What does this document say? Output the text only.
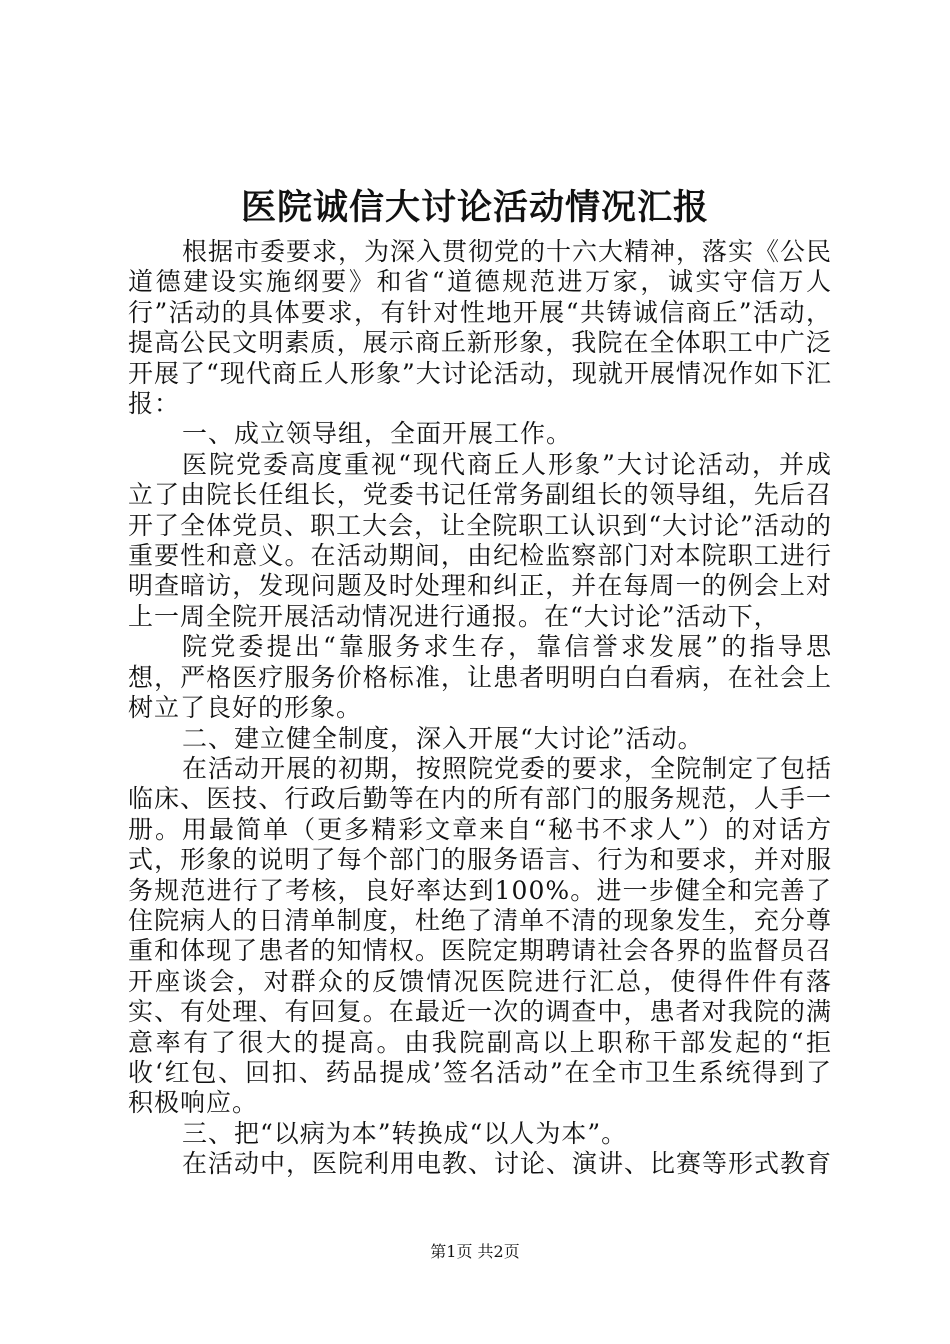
医院诚信大讨论活动情况汇报

根据市委要求，为深入贯彻党的十六大精神，落实《公民道德建设实施纲要》和省“道德规范进万家，诚实守信万人行”活动的具体要求，有针对性地开展“共铸诚信商丘”活动，提高公民文明素质，展示商丘新形象，我院在全体职工中广泛开展了“现代商丘人形象”大讨论活动，现就开展情况作如下汇报：

一、成立领导组，全面开展工作。

医院党委高度重视“现代商丘人形象”大讨论活动，并成立了由院长任组长，党委书记任常务副组长的领导组，先后召开了全体党员、职工大会，让全院职工认识到“大讨论”活动的重要性和意义。在活动期间，由纪检监察部门对本院职工进行明查暗访，发现问题及时处理和纠正，并在每周一的例会上对上一周全院开展活动情况进行通报。在“大讨论”活动下，

院党委提出“靠服务求生存，靠信誉求发展”的指导思想，严格医疗服务价格标准，让患者明明白白看病，在社会上树立了良好的形象。

二、建立健全制度，深入开展“大讨论”活动。

在活动开展的初期，按照院党委的要求，全院制定了包括临床、医技、行政后勤等在内的所有部门的服务规范，人手一册。用最简单（更多精彩文章来自“秘书不求人”）的对话方式，形象的说明了每个部门的服务语言、行为和要求，并对服务规范进行了考核，良好率达到100%。进一步健全和完善了住院病人的日清单制度，杜绝了清单不清的现象发生，充分尊重和体现了患者的知情权。医院定期聘请社会各界的监督员召开座谈会，对群众的反馈情况医院进行汇总，使得件件有落实、有处理、有回复。在最近一次的调查中，患者对我院的满意率有了很大的提高。由我院副高以上职称干部发起的“拒收‘红包、回扣、药品提成’签名活动”在全市卫生系统得到了积极响应。

三、把“以病为本”转换成“以人为本”。

在活动中，医院利用电教、讨论、演讲、比赛等形式教育

第1页 共2页
